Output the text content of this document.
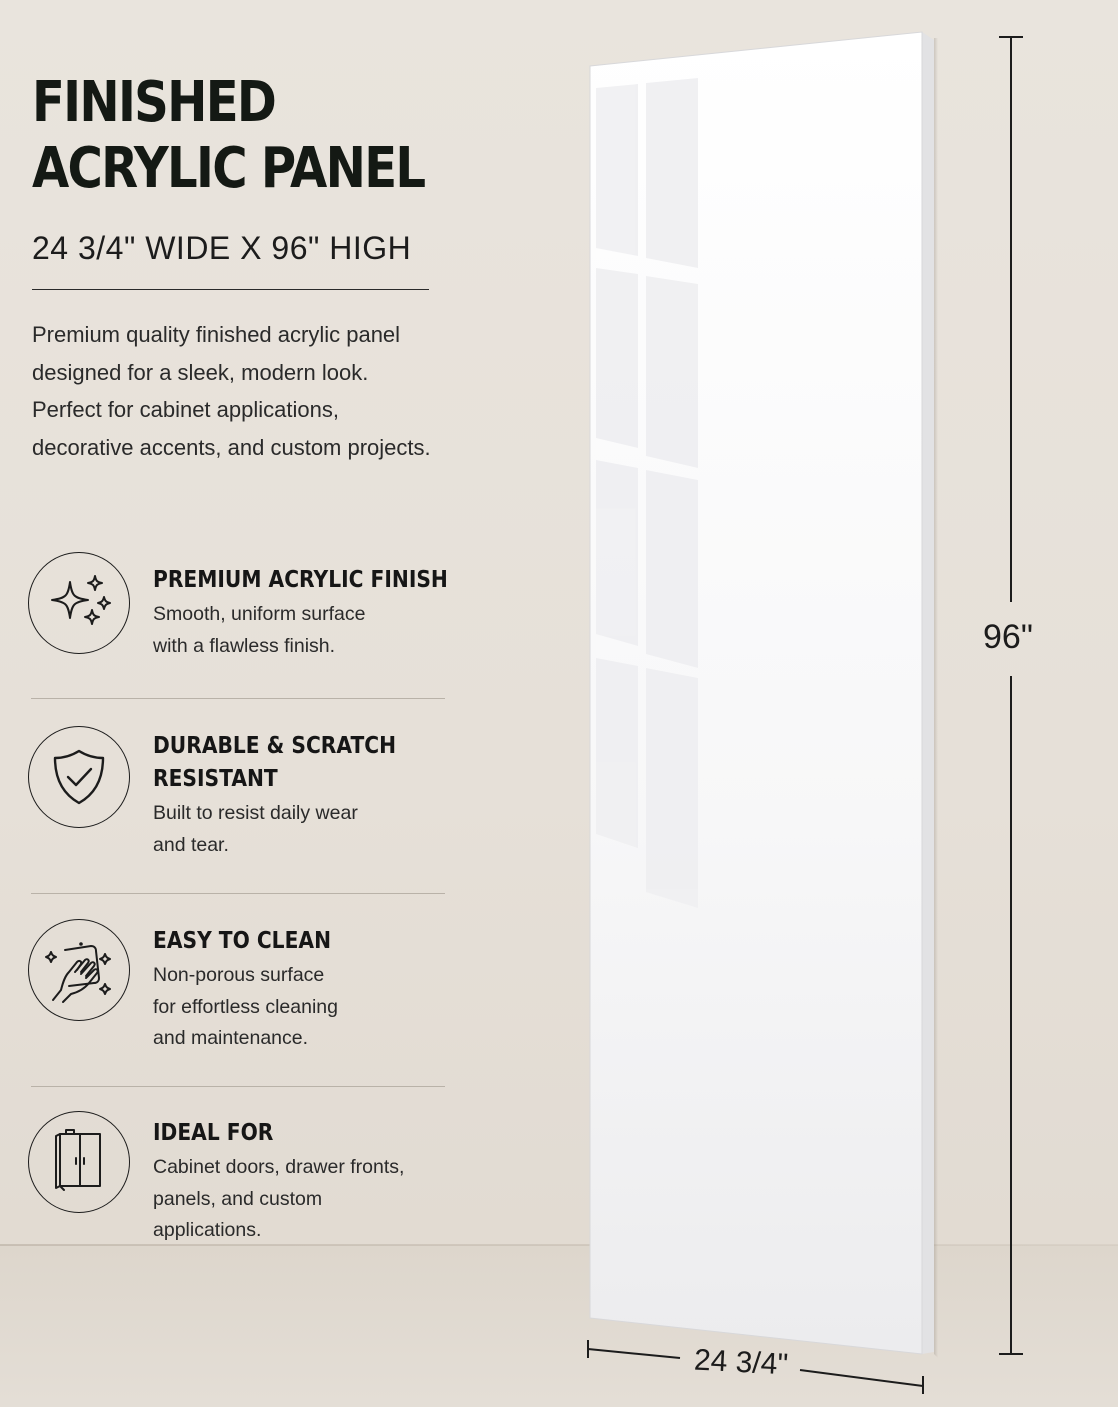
FINISHED
ACRYLIC PANEL
24 3/4" WIDE X 96" HIGH
Premium quality finished acrylic panel designed for a sleek, modern look. Perfect for cabinet applications, decorative accents, and custom projects.
PREMIUM ACRYLIC FINISH
Smooth, uniform surface
with a flawless finish.
DURABLE & SCRATCH
RESISTANT
Built to resist daily wear
and tear.
EASY TO CLEAN
Non-porous surface
for effortless cleaning
and maintenance.
IDEAL FOR
Cabinet doors, drawer fronts,
panels, and custom
applications.
96"
24 3/4"
